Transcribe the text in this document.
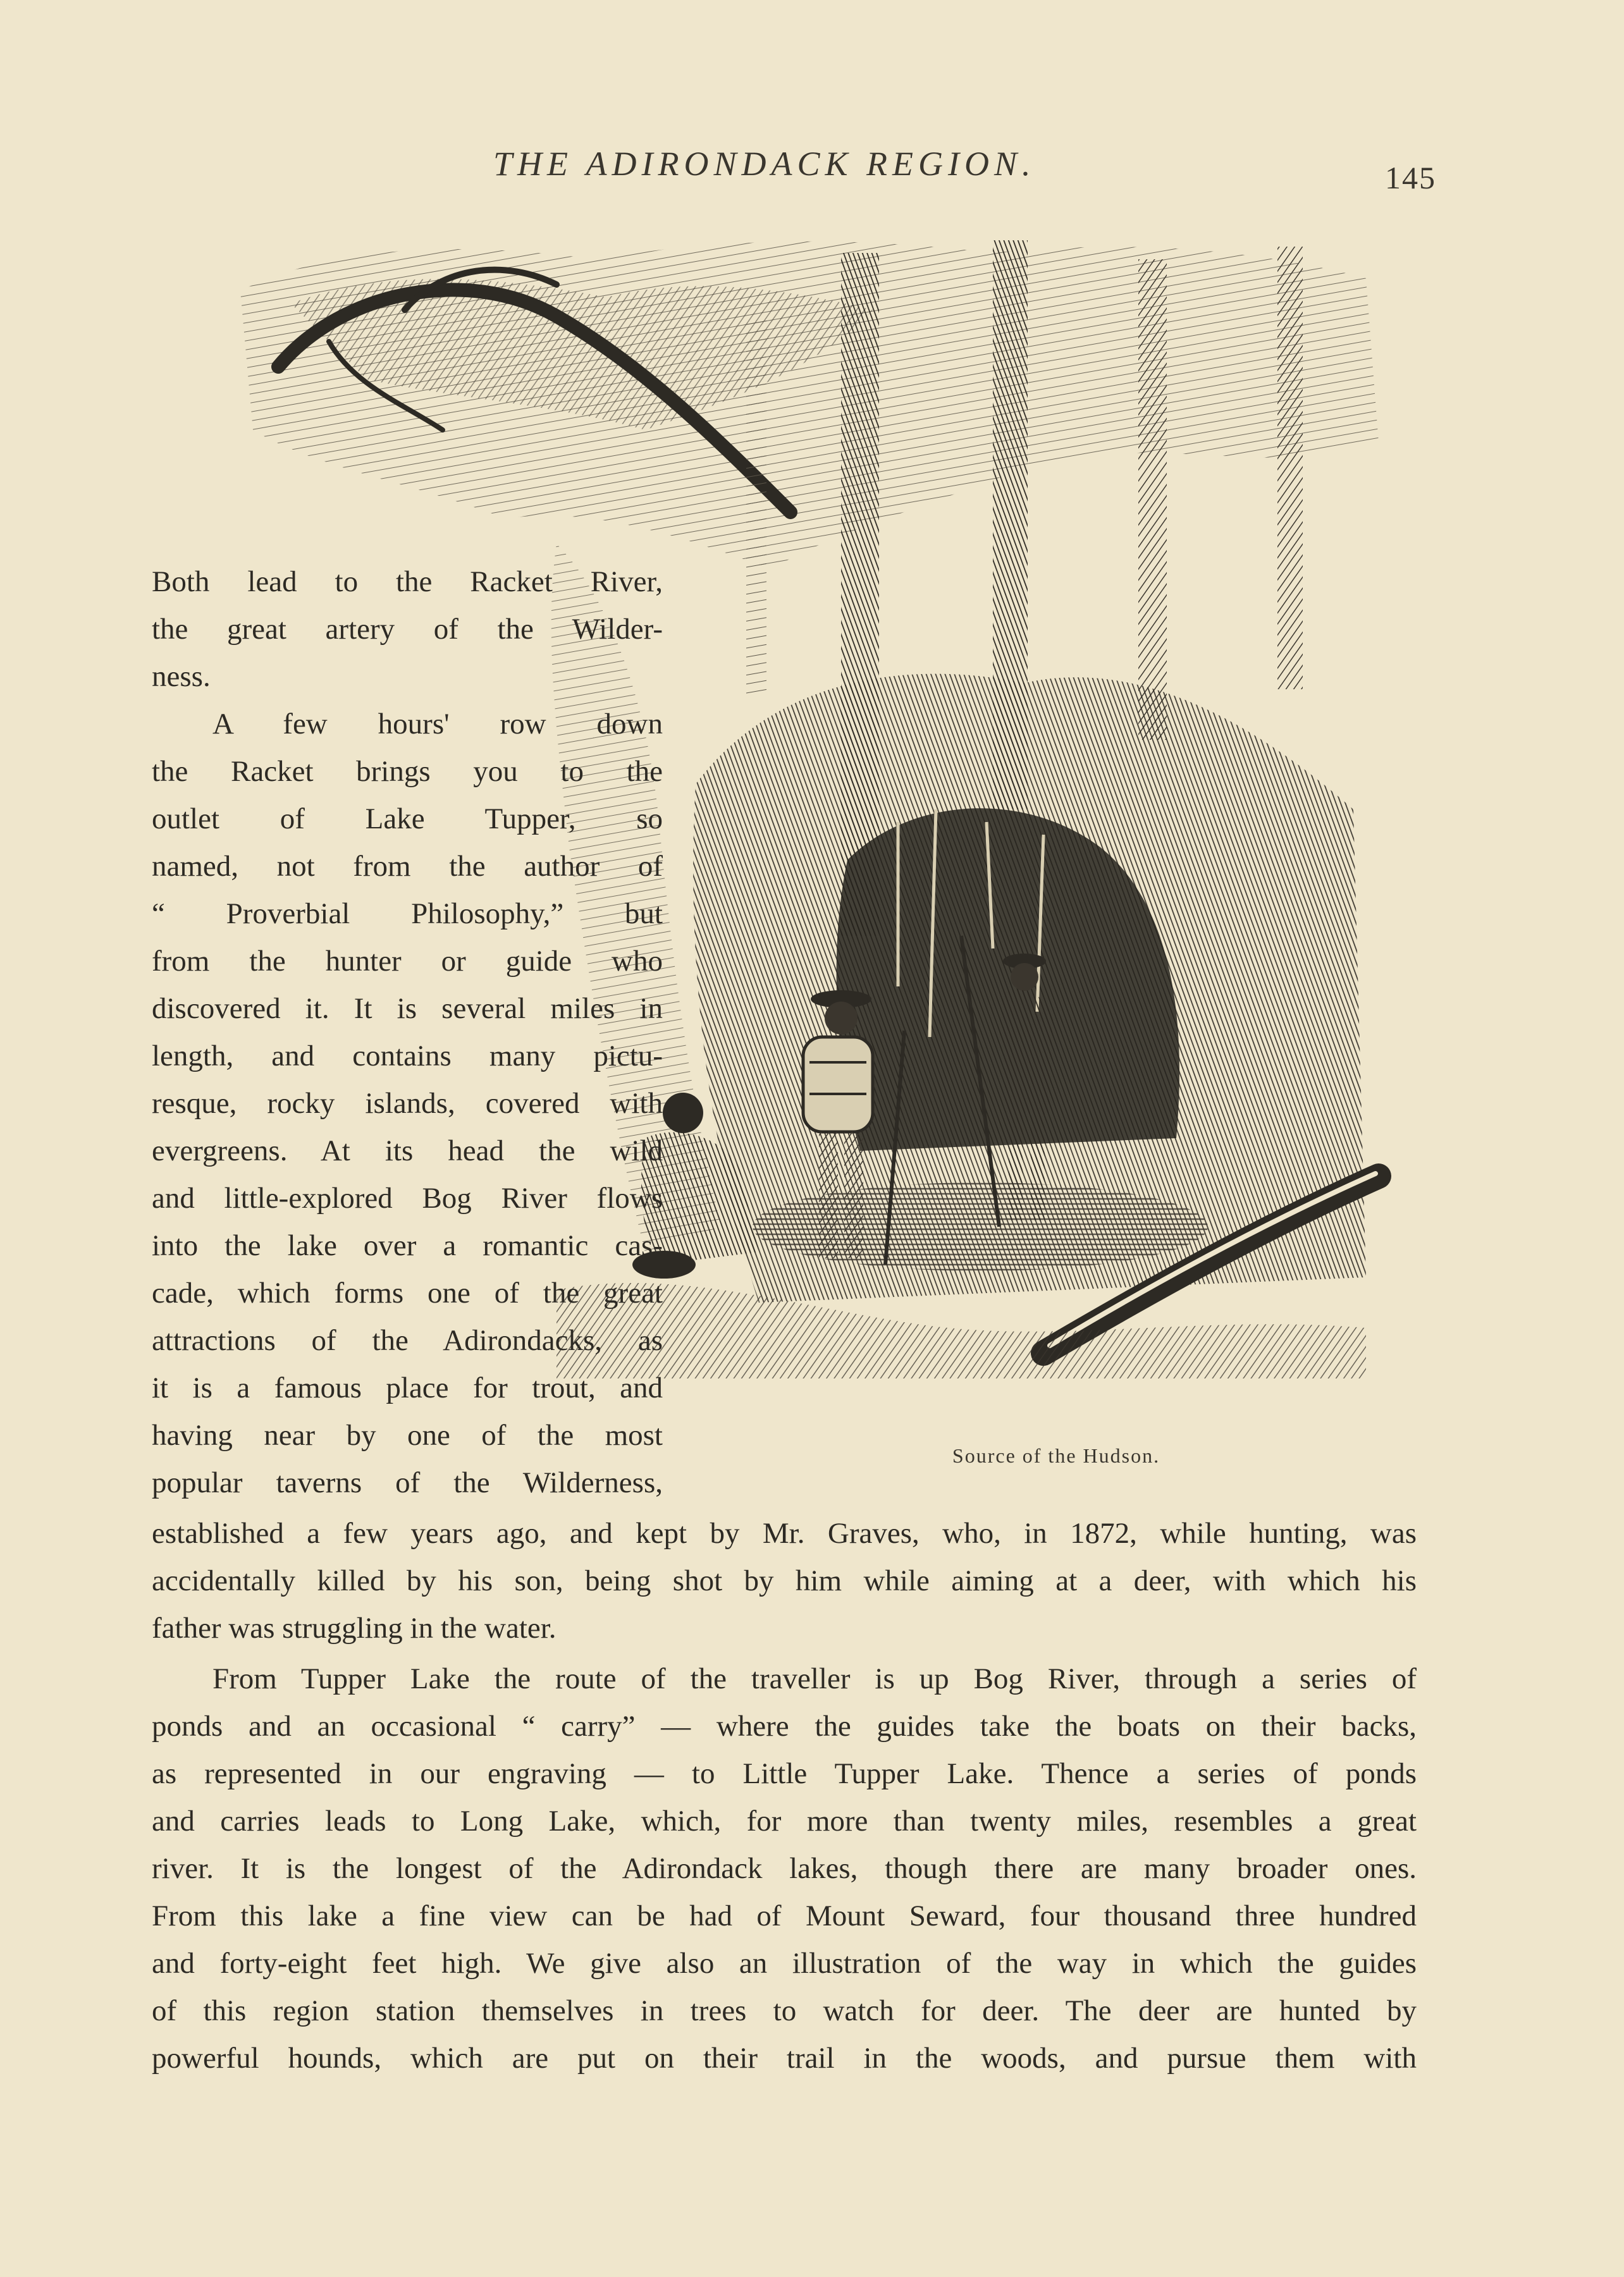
THE ADIRONDACK REGION.	145
Source of the Hudson.
Both lead to the Racket River,
the great artery of the Wilder-
ness.
A few hours' row down
the Racket brings you to the
outlet of Lake Tupper, so
named, not from the author of
“ Proverbial Philosophy,” but
from the hunter or guide who
discovered it. It is several miles in
length, and contains many pictu-
resque, rocky islands, covered with
evergreens. At its head the wild
and little-explored Bog River flows
into the lake over a romantic cas-
cade, which forms one of the great
attractions of the Adirondacks, as
it is a famous place for trout, and
having near by one of the most
popular taverns of the Wilderness,
established a few years ago, and kept by Mr. Graves, who, in 1872, while hunting, was
accidentally killed by his son, being shot by him while aiming at a deer, with which his
father was struggling in the water.
From Tupper Lake the route of the traveller is up Bog River, through a series of
ponds and an occasional “ carry” — where the guides take the boats on their backs,
as represented in our engraving — to Little Tupper Lake. Thence a series of ponds
and carries leads to Long Lake, which, for more than twenty miles, resembles a great
river. It is the longest of the Adirondack lakes, though there are many broader ones.
From this lake a fine view can be had of Mount Seward, four thousand three hundred
and forty-eight feet high. We give also an illustration of the way in which the guides
of this region station themselves in trees to watch for deer. The deer are hunted by
powerful hounds, which are put on their trail in the woods, and pursue them with
